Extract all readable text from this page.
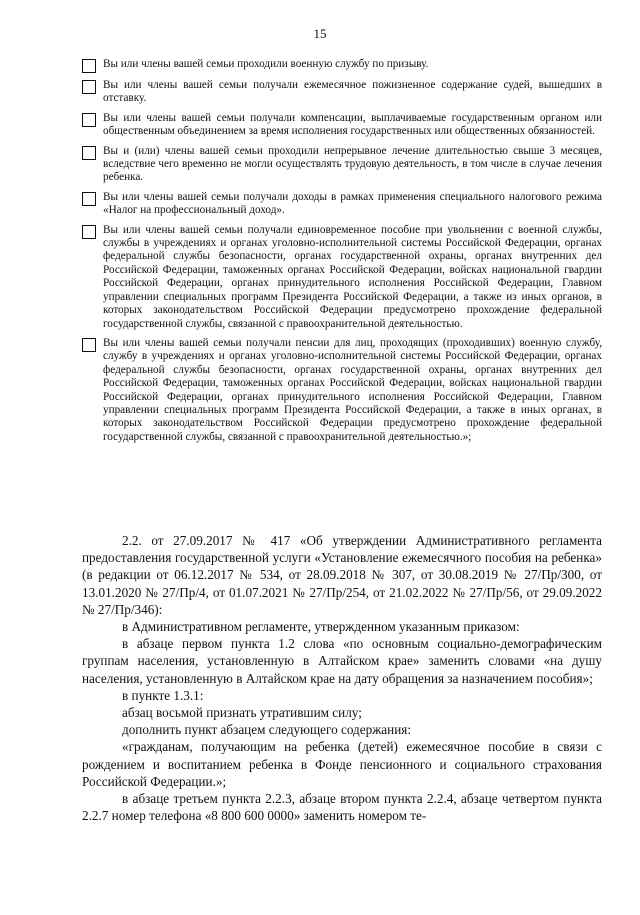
15
Вы или члены вашей семьи проходили военную службу по призыву.
Вы или члены вашей семьи получали ежемесячное пожизненное содержание судей, вышедших в отставку.
Вы или члены вашей семьи получали компенсации, выплачиваемые государственным органом или общественным объединением за время исполнения государственных или общественных обязанностей.
Вы и (или) члены вашей семьи проходили непрерывное лечение длительностью свыше 3 месяцев, вследствие чего временно не могли осуществлять трудовую деятельность, в том числе в случае лечения ребенка.
Вы или члены вашей семьи получали доходы в рамках применения специального налогового режима «Налог на профессиональный доход».
Вы или члены вашей семьи получали единовременное пособие при увольнении с военной службы, службы в учреждениях и органах уголовно-исполнительной системы Российской Федерации, органах федеральной службы безопасности, органах государственной охраны, органах внутренних дел Российской Федерации, таможенных органах Российской Федерации, войсках национальной гвардии Российской Федерации, органах принудительного исполнения Российской Федерации, Главном управлении специальных программ Президента Российской Федерации, а также из иных органов, в которых законодательством Российской Федерации предусмотрено прохождение федеральной государственной службы, связанной с правоохранительной деятельностью.
Вы или члены вашей семьи получали пенсии для лиц, проходящих (проходивших) военную службу, службу в учреждениях и органах уголовно-исполнительной системы Российской Федерации, органах федеральной службы безопасности, органах государственной охраны, органах внутренних дел Российской Федерации, таможенных органах Российской Федерации, войсках национальной гвардии Российской Федерации, органах принудительного исполнения Российской Федерации, Главном управлении специальных программ Президента Российской Федерации, а также в иных органах, в которых законодательством Российской Федерации предусмотрено прохождение федеральной государственной службы, связанной с правоохранительной деятельностью.»;

2.2. от 27.09.2017 № 417 «Об утверждении Административного регламента предоставления государственной услуги «Установление ежемесячного пособия на ребенка» (в редакции от 06.12.2017 № 534, от 28.09.2018 № 307, от 30.08.2019 № 27/Пр/300, от 13.01.2020 № 27/Пр/4, от 01.07.2021 № 27/Пр/254, от 21.02.2022 № 27/Пр/56, от 29.09.2022 № 27/Пр/346):

в Административном регламенте, утвержденном указанным приказом:

в абзаце первом пункта 1.2 слова «по основным социально-демографическим группам населения, установленную в Алтайском крае» заменить словами «на душу населения, установленную в Алтайском крае на дату обращения за назначением пособия»;

в пункте 1.3.1:

абзац восьмой признать утратившим силу;

дополнить пункт абзацем следующего содержания:

«гражданам, получающим на ребенка (детей) ежемесячное пособие в связи с рождением и воспитанием ребенка в Фонде пенсионного и социального страхования Российской Федерации.»;

в абзаце третьем пункта 2.2.3, абзаце втором пункта 2.2.4, абзаце четвертом пункта 2.2.7 номер телефона «8 800 600 0000» заменить номером те-
